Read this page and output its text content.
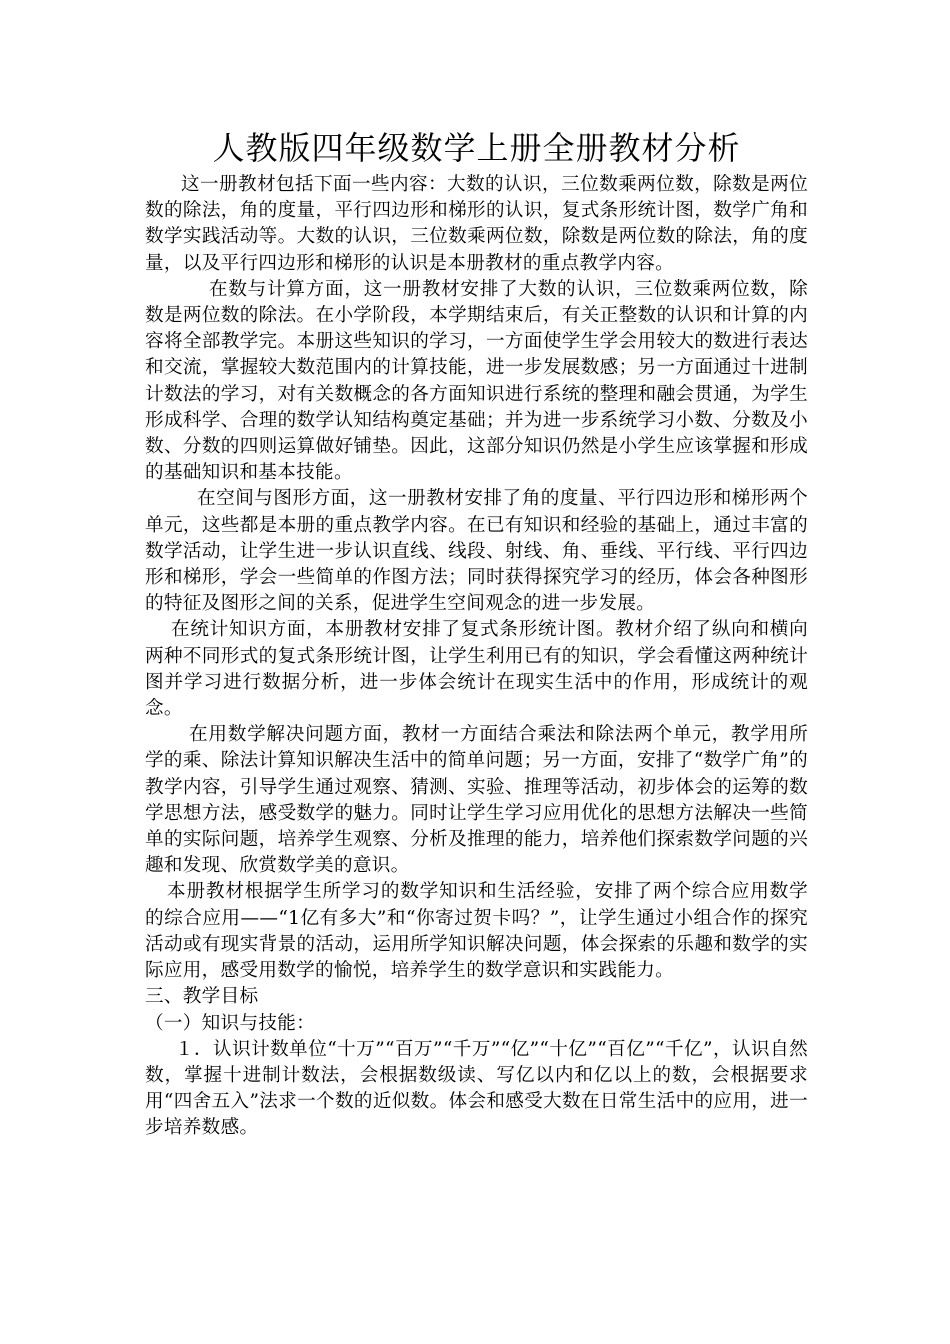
人教版四年级数学上册全册教材分析

这一册教材包括下面一些内容：大数的认识，三位数乘两位数，除数是两位数的除法，角的度量，平行四边形和梯形的认识，复式条形统计图，数学广角和数学实践活动等。大数的认识，三位数乘两位数，除数是两位数的除法，角的度量，以及平行四边形和梯形的认识是本册教材的重点教学内容。

在数与计算方面，这一册教材安排了大数的认识，三位数乘两位数，除数是两位数的除法。在小学阶段，本学期结束后，有关正整数的认识和计算的内容将全部教学完。本册这些知识的学习，一方面使学生学会用较大的数进行表达和交流，掌握较大数范围内的计算技能，进一步发展数感；另一方面通过十进制计数法的学习，对有关数概念的各方面知识进行系统的整理和融会贯通，为学生形成科学、合理的数学认知结构奠定基础；并为进一步系统学习小数、分数及小数、分数的四则运算做好铺垫。因此，这部分知识仍然是小学生应该掌握和形成的基础知识和基本技能。

在空间与图形方面，这一册教材安排了角的度量、平行四边形和梯形两个单元，这些都是本册的重点教学内容。在已有知识和经验的基础上，通过丰富的数学活动，让学生进一步认识直线、线段、射线、角、垂线、平行线、平行四边形和梯形，学会一些简单的作图方法；同时获得探究学习的经历，体会各种图形的特征及图形之间的关系，促进学生空间观念的进一步发展。

在统计知识方面，本册教材安排了复式条形统计图。教材介绍了纵向和横向两种不同形式的复式条形统计图，让学生利用已有的知识，学会看懂这两种统计图并学习进行数据分析，进一步体会统计在现实生活中的作用，形成统计的观念。

在用数学解决问题方面，教材一方面结合乘法和除法两个单元，教学用所学的乘、除法计算知识解决生活中的简单问题；另一方面，安排了“数学广角”的教学内容，引导学生通过观察、猜测、实验、推理等活动，初步体会的运筹的数学思想方法，感受数学的魅力。同时让学生学习应用优化的思想方法解决一些简单的实际问题，培养学生观察、分析及推理的能力，培养他们探索数学问题的兴趣和发现、欣赏数学美的意识。

本册教材根据学生所学习的数学知识和生活经验，安排了两个综合应用数学的综合应用——“1亿有多大”和“你寄过贺卡吗？”，让学生通过小组合作的探究活动或有现实背景的活动，运用所学知识解决问题，体会探索的乐趣和数学的实际应用，感受用数学的愉悦，培养学生的数学意识和实践能力。

三、教学目标

（一）知识与技能：

１．认识计数单位“十万”“百万”“千万”“亿”“十亿”“百亿”“千亿”，认识自然数，掌握十进制计数法，会根据数级读、写亿以内和亿以上的数，会根据要求用“四舍五入”法求一个数的近似数。体会和感受大数在日常生活中的应用，进一步培养数感。
